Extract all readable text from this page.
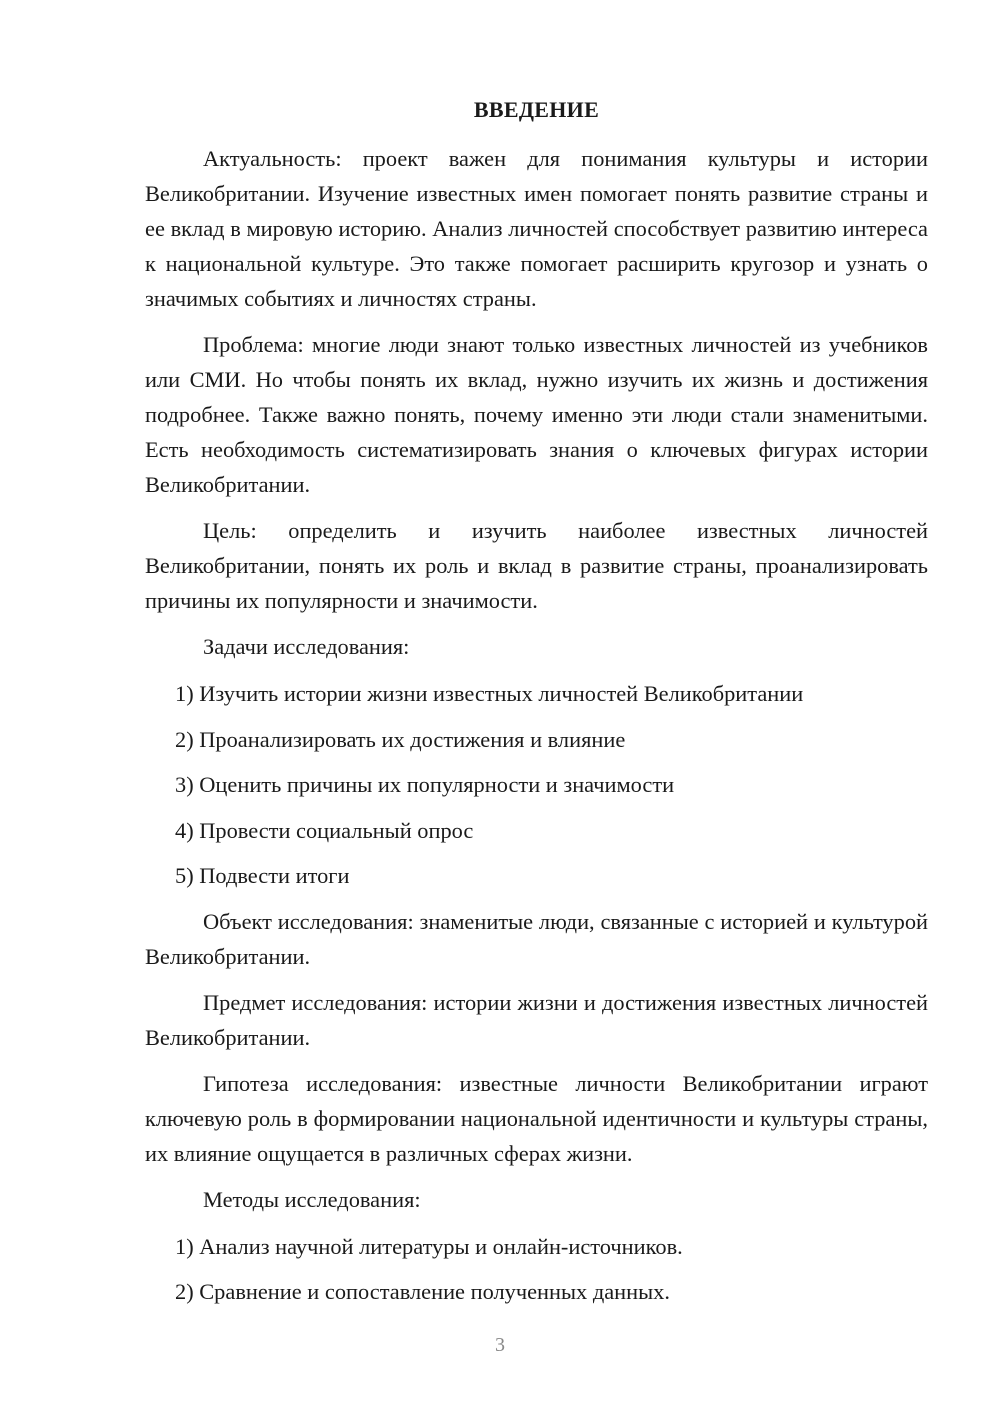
ВВЕДЕНИЕ

Актуальность: проект важен для понимания культуры и истории Великобритании. Изучение известных имен помогает понять развитие страны и ее вклад в мировую историю. Анализ личностей способствует развитию интереса к национальной культуре. Это также помогает расширить кругозор и узнать о значимых событиях и личностях страны.

Проблема: многие люди знают только известных личностей из учебников или СМИ. Но чтобы понять их вклад, нужно изучить их жизнь и достижения подробнее. Также важно понять, почему именно эти люди стали знаменитыми. Есть необходимость систематизировать знания о ключевых фигурах истории Великобритании.

Цель: определить и изучить наиболее известных личностей Великобритании, понять их роль и вклад в развитие страны, проанализировать причины их популярности и значимости.

Задачи исследования:

1) Изучить истории жизни известных личностей Великобритании
2) Проанализировать их достижения и влияние
3) Оценить причины их популярности и значимости
4) Провести социальный опрос
5) Подвести итоги

Объект исследования: знаменитые люди, связанные с историей и культурой Великобритании.

Предмет исследования: истории жизни и достижения известных личностей Великобритании.

Гипотеза исследования: известные личности Великобритании играют ключевую роль в формировании национальной идентичности и культуры страны, их влияние ощущается в различных сферах жизни.

Методы исследования:

1) Анализ научной литературы и онлайн-источников.
2) Сравнение и сопоставление полученных данных.
3
